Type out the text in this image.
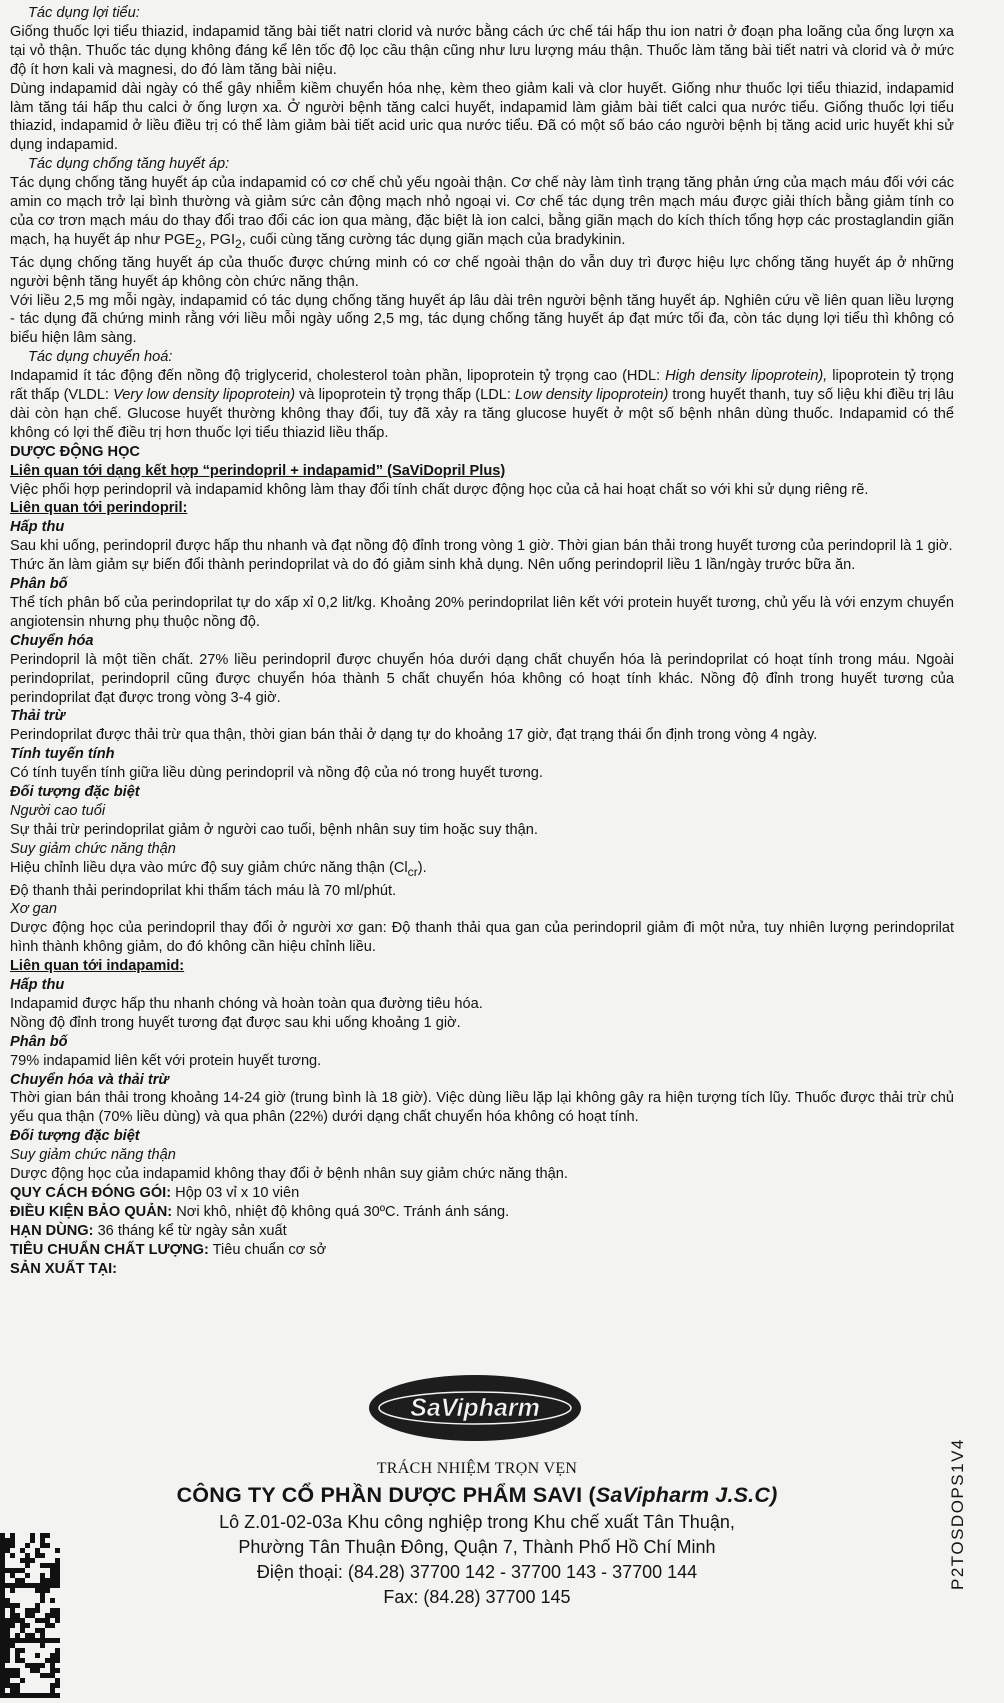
Tác dụng lợi tiểu:

Giống thuốc lợi tiểu thiazid, indapamid tăng bài tiết natri clorid và nước bằng cách ức chế tái hấp thu ion natri ở đoạn pha loãng của ống lượn xa tại vỏ thận. Thuốc tác dụng không đáng kể lên tốc độ lọc cầu thận cũng như lưu lượng máu thận. Thuốc làm tăng bài tiết natri và clorid và ở mức độ ít hơn kali và magnesi, do đó làm tăng bài niệu.

Dùng indapamid dài ngày có thể gây nhiễm kiềm chuyển hóa nhẹ, kèm theo giảm kali và clor huyết. Giống như thuốc lợi tiểu thiazid, indapamid làm tăng tái hấp thu calci ở ống lượn xa. Ở người bệnh tăng calci huyết, indapamid làm giảm bài tiết calci qua nước tiểu. Giống thuốc lợi tiểu thiazid, indapamid ở liều điều trị có thể làm giảm bài tiết acid uric qua nước tiểu. Đã có một số báo cáo người bệnh bị tăng acid uric huyết khi sử dụng indapamid.

Tác dụng chống tăng huyết áp:

Tác dụng chống tăng huyết áp của indapamid có cơ chế chủ yếu ngoài thận. Cơ chế này làm tình trạng tăng phản ứng của mạch máu đối với các amin co mạch trở lại bình thường và giảm sức cản động mạch nhỏ ngoại vi. Cơ chế tác dụng trên mạch máu được giải thích bằng giảm tính co của cơ trơn mạch máu do thay đổi trao đổi các ion qua màng, đặc biệt là ion calci, bằng giãn mạch do kích thích tổng hợp các prostaglandin giãn mạch, hạ huyết áp như $PGE_2$, $PGI_2$, cuối cùng tăng cường tác dụng giãn mạch của bradykinin.

Tác dụng chống tăng huyết áp của thuốc được chứng minh có cơ chế ngoài thận do vẫn duy trì được hiệu lực chống tăng huyết áp ở những người bệnh tăng huyết áp không còn chức năng thận.

Với liều 2,5 mg mỗi ngày, indapamid có tác dụng chống tăng huyết áp lâu dài trên người bệnh tăng huyết áp. Nghiên cứu về liên quan liều lượng - tác dụng đã chứng minh rằng với liều mỗi ngày uống 2,5 mg, tác dụng chống tăng huyết áp đạt mức tối đa, còn tác dụng lợi tiểu thì không có biểu hiện lâm sàng.

Tác dụng chuyển hoá:

Indapamid ít tác động đến nồng độ triglycerid, cholesterol toàn phần, lipoprotein tỷ trọng cao (HDL: High density lipoprotein), lipoprotein tỷ trọng rất thấp (VLDL: Very low density lipoprotein) và lipoprotein tỷ trọng thấp (LDL: Low density lipoprotein) trong huyết thanh, tuy số liệu khi điều trị lâu dài còn hạn chế. Glucose huyết thường không thay đổi, tuy đã xảy ra tăng glucose huyết ở một số bệnh nhân dùng thuốc. Indapamid có thể không có lợi thế điều trị hơn thuốc lợi tiểu thiazid liều thấp.

DƯỢC ĐỘNG HỌC

Liên quan tới dạng kết hợp “perindopril + indapamid” (SaViDopril Plus)

Việc phối hợp perindopril và indapamid không làm thay đổi tính chất dược động học của cả hai hoạt chất so với khi sử dụng riêng rẽ.

Liên quan tới perindopril:

Hấp thu

Sau khi uống, perindopril được hấp thu nhanh và đạt nồng độ đỉnh trong vòng 1 giờ. Thời gian bán thải trong huyết tương của perindopril là 1 giờ.

Thức ăn làm giảm sự biến đổi thành perindoprilat và do đó giảm sinh khả dụng. Nên uống perindopril liều 1 lần/ngày trước bữa ăn.

Phân bố

Thể tích phân bố của perindoprilat tự do xấp xỉ 0,2 lit/kg. Khoảng 20% perindoprilat liên kết với protein huyết tương, chủ yếu là với enzym chuyển angiotensin nhưng phụ thuộc nồng độ.

Chuyển hóa

Perindopril là một tiền chất. 27% liều perindopril được chuyển hóa dưới dạng chất chuyển hóa là perindoprilat có hoạt tính trong máu. Ngoài perindoprilat, perindopril cũng được chuyển hóa thành 5 chất chuyển hóa không có hoạt tính khác. Nồng độ đỉnh trong huyết tương của perindoprilat đạt được trong vòng 3-4 giờ.

Thải trừ

Perindoprilat được thải trừ qua thận, thời gian bán thải ở dạng tự do khoảng 17 giờ, đạt trạng thái ổn định trong vòng 4 ngày.

Tính tuyến tính

Có tính tuyến tính giữa liều dùng perindopril và nồng độ của nó trong huyết tương.

Đối tượng đặc biệt

Người cao tuổi

Sự thải trừ perindoprilat giảm ở người cao tuổi, bệnh nhân suy tim hoặc suy thận.

Suy giảm chức năng thận

Hiệu chỉnh liều dựa vào mức độ suy giảm chức năng thận $(Cl_{cr})$.

Độ thanh thải perindoprilat khi thẩm tách máu là 70 ml/phút.

Xơ gan

Dược động học của perindopril thay đổi ở người xơ gan: Độ thanh thải qua gan của perindopril giảm đi một nửa, tuy nhiên lượng perindoprilat hình thành không giảm, do đó không cần hiệu chỉnh liều.

Liên quan tới indapamid:

Hấp thu

Indapamid được hấp thu nhanh chóng và hoàn toàn qua đường tiêu hóa.

Nồng độ đỉnh trong huyết tương đạt được sau khi uống khoảng 1 giờ.

Phân bố

79% indapamid liên kết với protein huyết tương.

Chuyển hóa và thải trừ

Thời gian bán thải trong khoảng 14-24 giờ (trung bình là 18 giờ). Việc dùng liều lặp lại không gây ra hiện tượng tích lũy. Thuốc được thải trừ chủ yếu qua thận (70% liều dùng) và qua phân (22%) dưới dạng chất chuyển hóa không có hoạt tính.

Đối tượng đặc biệt

Suy giảm chức năng thận

Dược động học của indapamid không thay đổi ở bệnh nhân suy giảm chức năng thận.

QUY CÁCH ĐÓNG GÓI: Hộp 03 vỉ x 10 viên

ĐIỀU KIỆN BẢO QUẢN: Nơi khô, nhiệt độ không quá 30ºC. Tránh ánh sáng.

HẠN DÙNG: 36 tháng kể từ ngày sản xuất

TIÊU CHUẨN CHẤT LƯỢNG: Tiêu chuẩn cơ sở

SẢN XUẤT TẠI:

SaVipharm
TRÁCH NHIỆM TRỌN VẸN
CÔNG TY CỔ PHẦN DƯỢC PHẨM SAVI (SaVipharm J.S.C)
Lô Z.01-02-03a Khu công nghiệp trong Khu chế xuất Tân Thuận,
Phường Tân Thuận Đông, Quận 7, Thành Phố Hồ Chí Minh
Điện thoại: (84.28) 37700 142 - 37700 143 - 37700 144
Fax: (84.28) 37700 145
P2TOSDOPS1V4
